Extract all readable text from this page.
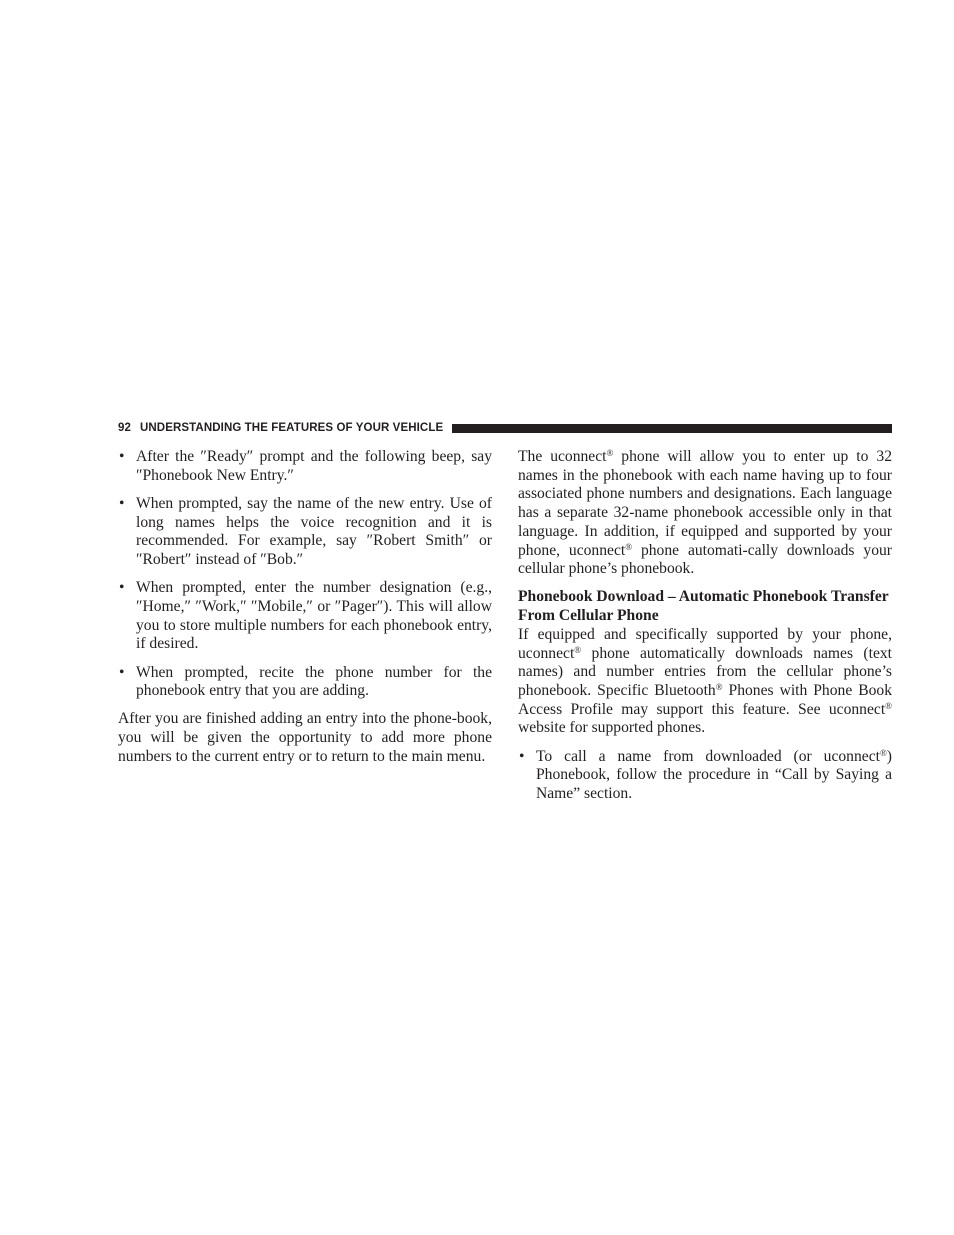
92 UNDERSTANDING THE FEATURES OF YOUR VEHICLE
• After the ″Ready″ prompt and the following beep, say ″Phonebook New Entry.″
• When prompted, say the name of the new entry. Use of long names helps the voice recognition and it is recommended. For example, say ″Robert Smith″ or ″Robert″ instead of ″Bob.″
• When prompted, enter the number designation (e.g., ″Home,″ ″Work,″ ″Mobile,″ or ″Pager″). This will allow you to store multiple numbers for each phonebook entry, if desired.
• When prompted, recite the phone number for the phonebook entry that you are adding.

After you are finished adding an entry into the phone-book, you will be given the opportunity to add more phone numbers to the current entry or to return to the main menu.

The uconnect® phone will allow you to enter up to 32 names in the phonebook with each name having up to four associated phone numbers and designations. Each language has a separate 32-name phonebook accessible only in that language. In addition, if equipped and supported by your phone, uconnect® phone automati-cally downloads your cellular phone’s phonebook.

Phonebook Download – Automatic Phonebook Transfer From Cellular Phone

If equipped and specifically supported by your phone, uconnect® phone automatically downloads names (text names) and number entries from the cellular phone’s phonebook. Specific Bluetooth® Phones with Phone Book Access Profile may support this feature. See uconnect® website for supported phones.

• To call a name from downloaded (or uconnect®) Phonebook, follow the procedure in “Call by Saying a Name” section.
